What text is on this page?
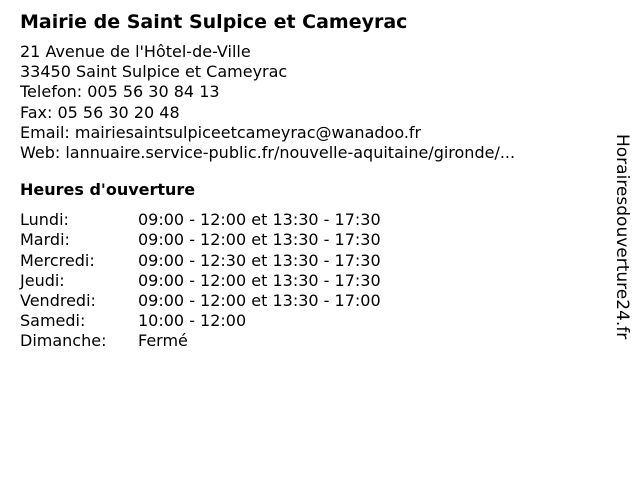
Mairie de Saint Sulpice et Cameyrac
21 Avenue de l'Hôtel-de-Ville
33450 Saint Sulpice et Cameyrac
Telefon: 005 56 30 84 13
Fax: 05 56 30 20 48
Email: mairiesaintsulpiceetcameyrac@wanadoo.fr
Web: lannuaire.service-public.fr/nouvelle-aquitaine/gironde/...
Heures d'ouverture
Lundi:	09:00 - 12:00 et 13:30 - 17:30
Mardi:	09:00 - 12:00 et 13:30 - 17:30
Mercredi:	09:00 - 12:30 et 13:30 - 17:30
Jeudi:	09:00 - 12:00 et 13:30 - 17:30
Vendredi:	09:00 - 12:00 et 13:30 - 17:00
Samedi:	10:00 - 12:00
Dimanche:	Fermé
Horairesdouverture24.fr
